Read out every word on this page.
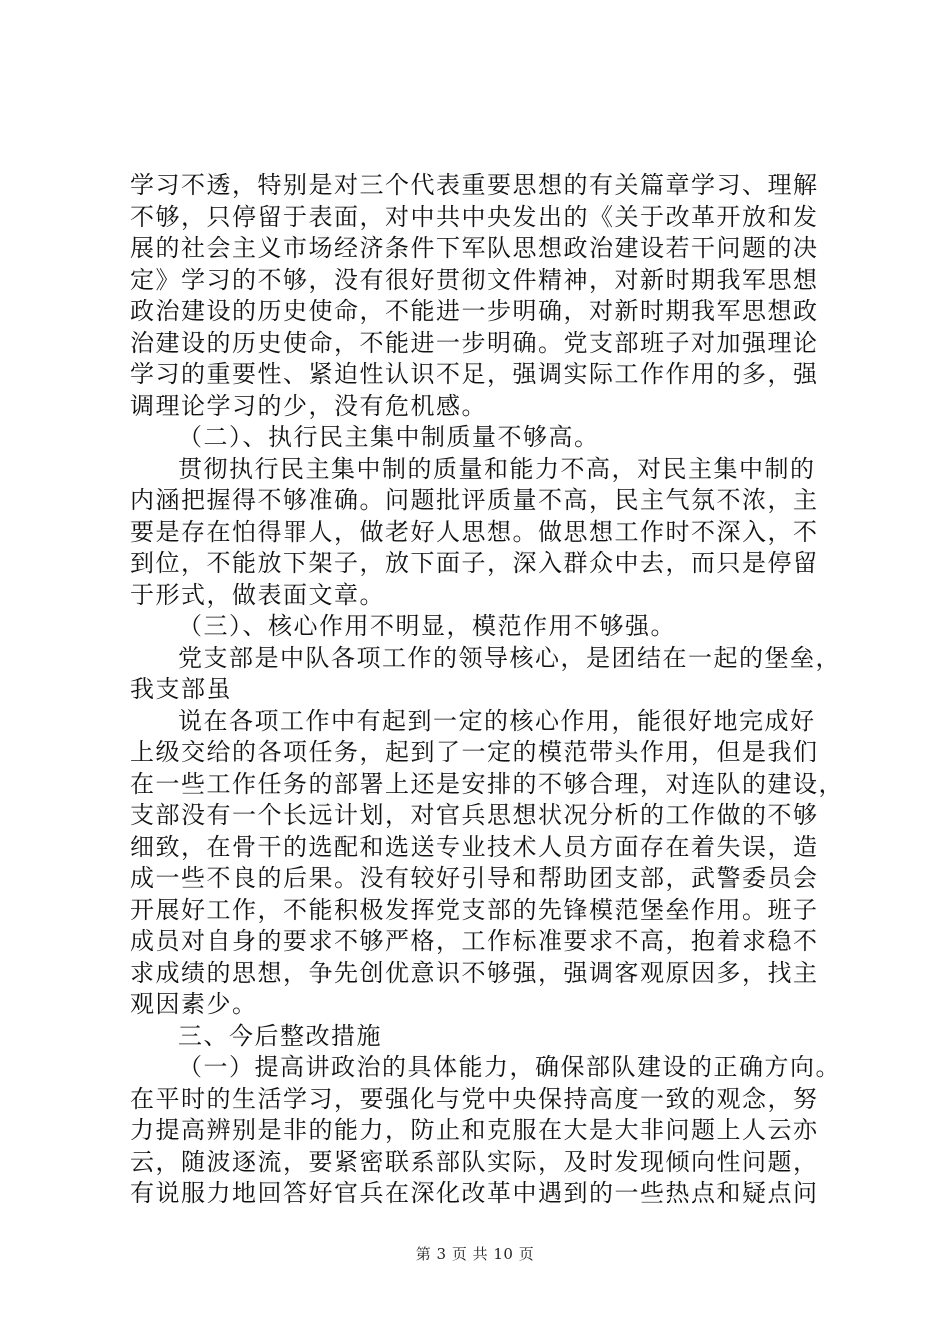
学习不透，特别是对三个代表重要思想的有关篇章学习、理解
不够，只停留于表面，对中共中央发出的《关于改革开放和发
展的社会主义市场经济条件下军队思想政治建设若干问题的决
定》学习的不够，没有很好贯彻文件精神，对新时期我军思想
政治建设的历史使命，不能进一步明确，对新时期我军思想政
治建设的历史使命，不能进一步明确。党支部班子对加强理论
学习的重要性、紧迫性认识不足，强调实际工作作用的多，强
调理论学习的少，没有危机感。
（二）、执行民主集中制质量不够高。
贯彻执行民主集中制的质量和能力不高，对民主集中制的
内涵把握得不够准确。问题批评质量不高，民主气氛不浓，主
要是存在怕得罪人，做老好人思想。做思想工作时不深入，不
到位，不能放下架子，放下面子，深入群众中去，而只是停留
于形式，做表面文章。
（三）、核心作用不明显，模范作用不够强。
党支部是中队各项工作的领导核心，是团结在一起的堡垒，
我支部虽
说在各项工作中有起到一定的核心作用，能很好地完成好
上级交给的各项任务，起到了一定的模范带头作用，但是我们
在一些工作任务的部署上还是安排的不够合理，对连队的建设，
支部没有一个长远计划，对官兵思想状况分析的工作做的不够
细致，在骨干的选配和选送专业技术人员方面存在着失误，造
成一些不良的后果。没有较好引导和帮助团支部，武警委员会
开展好工作，不能积极发挥党支部的先锋模范堡垒作用。班子
成员对自身的要求不够严格，工作标准要求不高，抱着求稳不
求成绩的思想，争先创优意识不够强，强调客观原因多，找主
观因素少。
三、今后整改措施
（一）提高讲政治的具体能力，确保部队建设的正确方向。
在平时的生活学习，要强化与党中央保持高度一致的观念，努
力提高辨别是非的能力，防止和克服在大是大非问题上人云亦
云，随波逐流，要紧密联系部队实际，及时发现倾向性问题，
有说服力地回答好官兵在深化改革中遇到的一些热点和疑点问
第 3 页 共 10 页
